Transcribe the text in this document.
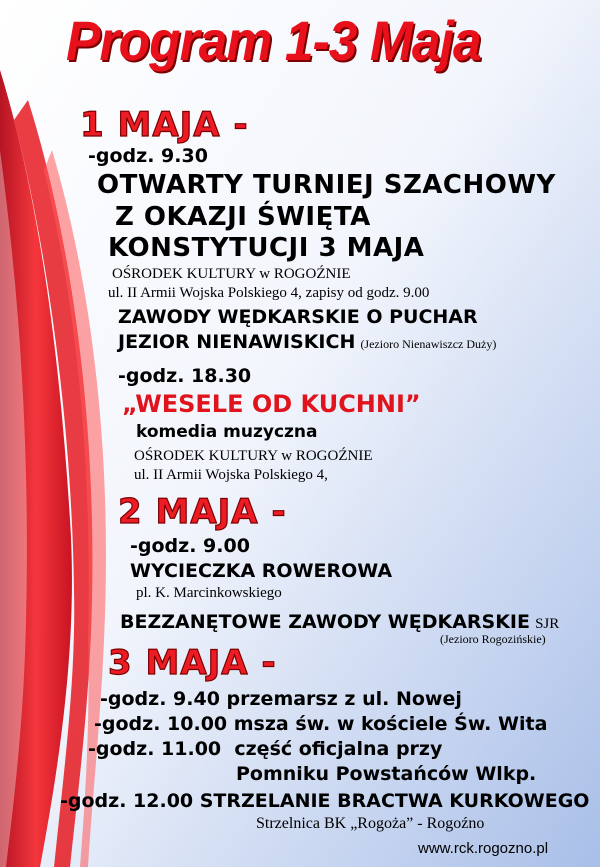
Program 1-3 Maja
1 MAJA -
-godz. 9.30
OTWARTY TURNIEJ SZACHOWY
Z OKAZJI ŚWIĘTA
KONSTYTUCJI 3 MAJA
OŚRODEK KULTURY w ROGOŹNIE
ul. II Armii Wojska Polskiego 4, zapisy od godz. 9.00
ZAWODY WĘDKARSKIE O PUCHAR
JEZIOR NIENAWISKICH (Jezioro Nienawiszcz Duży)
-godz. 18.30
„WESELE OD KUCHNI”
komedia muzyczna
OŚRODEK KULTURY w ROGOŹNIE
ul. II Armii Wojska Polskiego 4,
2 MAJA -
-godz. 9.00
WYCIECZKA ROWEROWA
pl. K. Marcinkowskiego
BEZZANĘTOWE ZAWODY WĘDKARSKIE SJR
(Jezioro Rogozińskie)
3 MAJA -
-godz. 9.40 przemarsz z ul. Nowej
-godz. 10.00 msza św. w kościele Św. Wita
-godz. 11.00  część oficjalna przy
Pomniku Powstańców Wlkp.
-godz. 12.00 STRZELANIE BRACTWA KURKOWEGO
Strzelnica BK „Rogoża” - Rogoźno
www.rck.rogozno.pl
